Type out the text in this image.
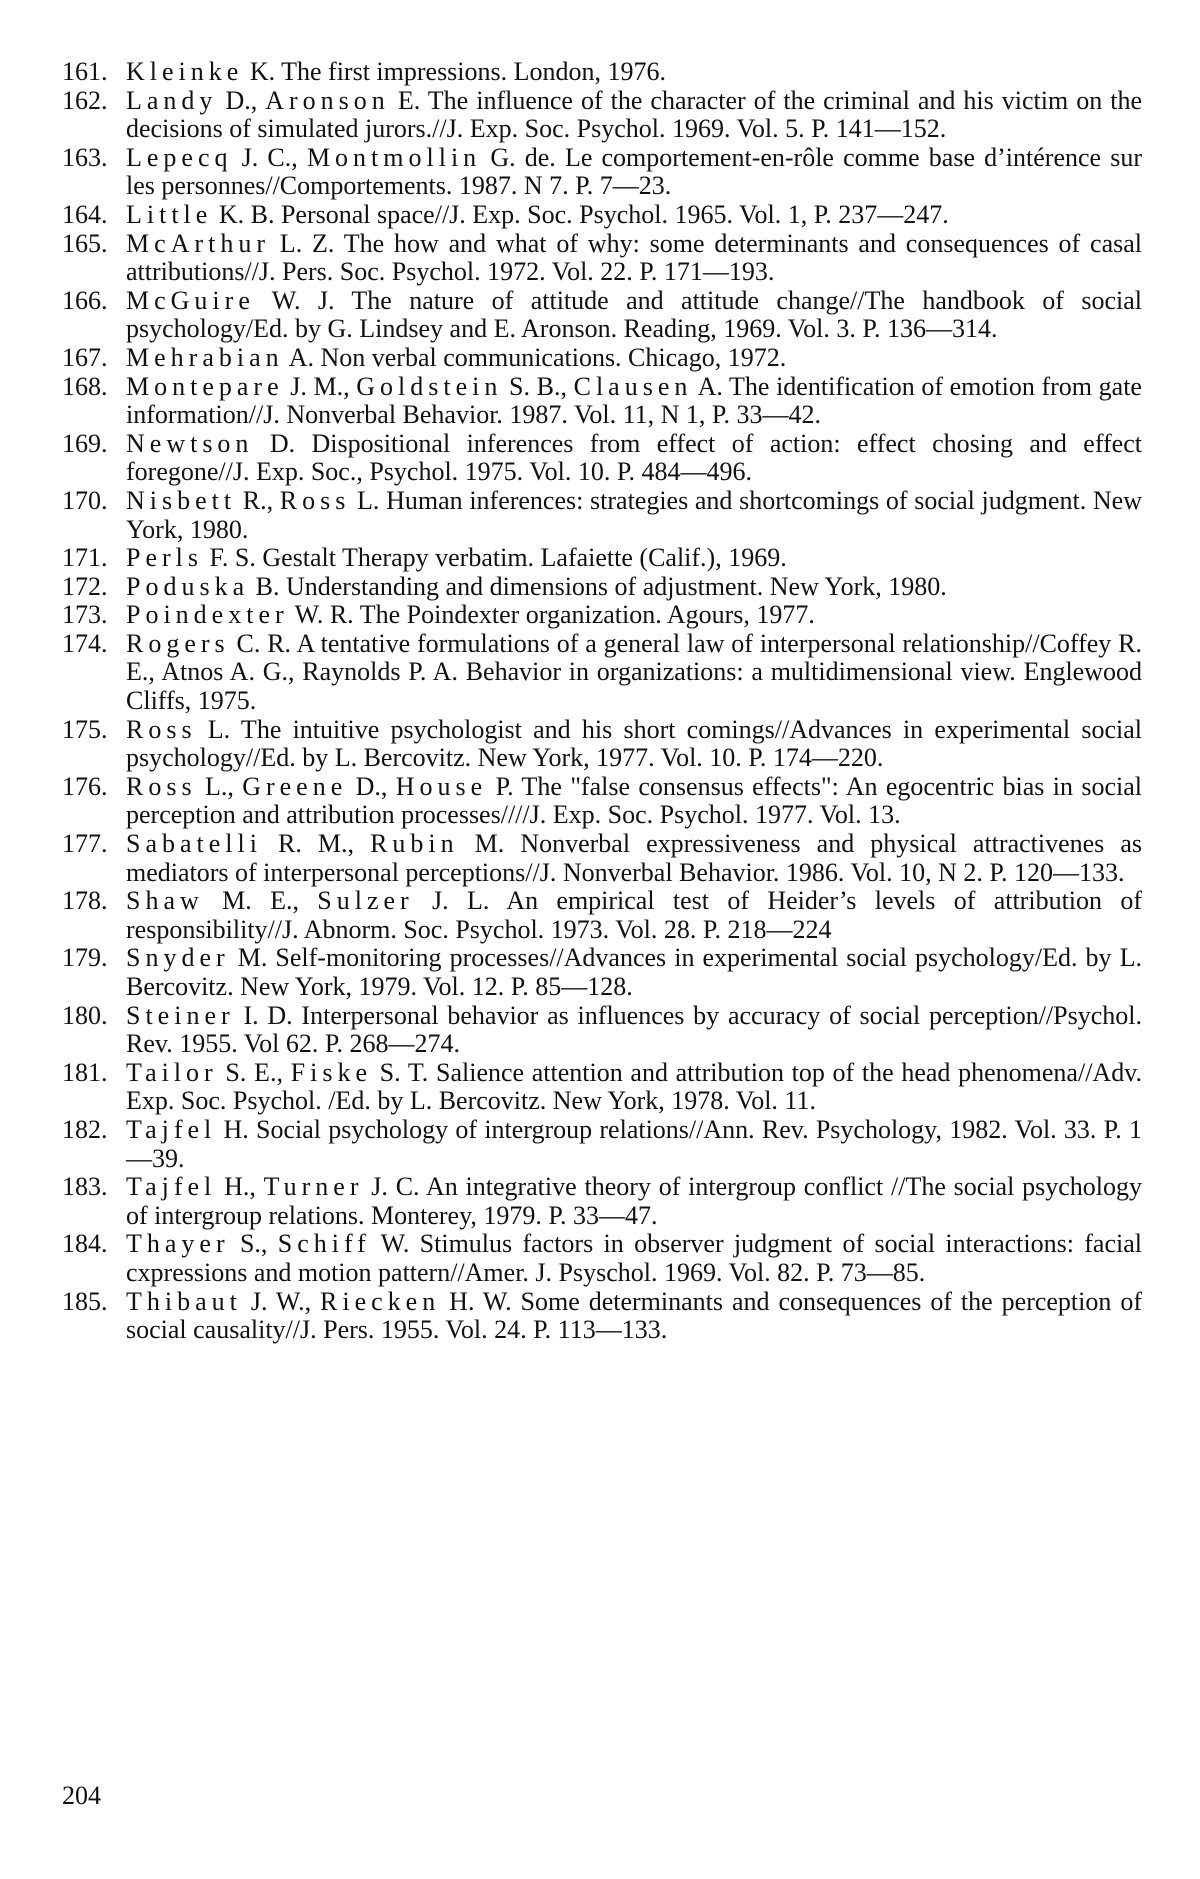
161. Kleinke K. The first impressions. London, 1976.
162. Landy D., Aronson E. The influence of the character of the criminal and his victim on the decisions of simulated jurors.//J. Exp. Soc. Psychol. 1969. Vol. 5. P. 141—152.
163. Lepecq J. C., Montmollin G. de. Le comportement-en-rôle comme base d’intérence sur les personnes//Comportements. 1987. N 7. P. 7—23.
164. Little K. B. Personal space//J. Exp. Soc. Psychol. 1965. Vol. 1, P. 237—247.
165. McArthur L. Z. The how and what of why: some determinants and consequences of casal attributions//J. Pers. Soc. Psychol. 1972. Vol. 22. P. 171—193.
166. McGuire W. J. The nature of attitude and attitude change//The handbook of social psychology/Ed. by G. Lindsey and E. Aronson. Reading, 1969. Vol. 3. P. 136—314.
167. Mehrabian A. Non verbal communications. Chicago, 1972.
168. Montepare J. M., Goldstein S. B., Clausen A. The identification of emotion from gate information//J. Nonverbal Behavior. 1987. Vol. 11, N 1, P. 33—42.
169. Newtson D. Dispositional inferences from effect of action: effect chosing and effect foregone//J. Exp. Soc., Psychol. 1975. Vol. 10. P. 484—496.
170. Nisbett R., Ross L. Human inferences: strategies and shortcomings of social judgment. New York, 1980.
171. Perls F. S. Gestalt Therapy verbatim. Lafaiette (Calif.), 1969.
172. Poduska B. Understanding and dimensions of adjustment. New York, 1980.
173. Poindexter W. R. The Poindexter organization. Agours, 1977.
174. Rogers C. R. A tentative formulations of a general law of interpersonal relationship//Coffey R. E., Atnos A. G., Raynolds P. A. Behavior in organizations: a multidimensional view. Englewood Cliffs, 1975.
175. Ross L. The intuitive psychologist and his short comings//Advances in experimental social psychology//Ed. by L. Bercovitz. New York, 1977. Vol. 10. P. 174—220.
176. Ross L., Greene D., House P. The "false consensus effects": An egocentric bias in social perception and attribution processes////J. Exp. Soc. Psychol. 1977. Vol. 13.
177. Sabatelli R. M., Rubin M. Nonverbal expressiveness and physical attractivenes as mediators of interpersonal perceptions//J. Nonverbal Behavior. 1986. Vol. 10, N 2. P. 120—133.
178. Shaw M. E., Sulzer J. L. An empirical test of Heider’s levels of attribution of responsibility//J. Abnorm. Soc. Psychol. 1973. Vol. 28. P. 218—224
179. Snyder M. Self-monitoring processes//Advances in experimental social psychology/Ed. by L. Bercovitz. New York, 1979. Vol. 12. P. 85—128.
180. Steiner I. D. Interpersonal behavior as influences by accuracy of social perception//Psychol. Rev. 1955. Vol 62. P. 268—274.
181. Tailor S. E., Fiske S. T. Salience attention and attribution top of the head phenomena//Adv. Exp. Soc. Psychol. /Ed. by L. Bercovitz. New York, 1978. Vol. 11.
182. Tajfel H. Social psychology of intergroup relations//Ann. Rev. Psychology, 1982. Vol. 33. P. 1—39.
183. Tajfel H., Turner J. C. An integrative theory of intergroup conflict //The social psychology of intergroup relations. Monterey, 1979. P. 33—47.
184. Thayer S., Schiff W. Stimulus factors in observer judgment of social interactions: facial cxpressions and motion pattern//Amer. J. Psyschol. 1969. Vol. 82. P. 73—85.
185. Thibaut J. W., Riecken H. W. Some determinants and consequences of the perception of social causality//J. Pers. 1955. Vol. 24. P. 113—133.
204
